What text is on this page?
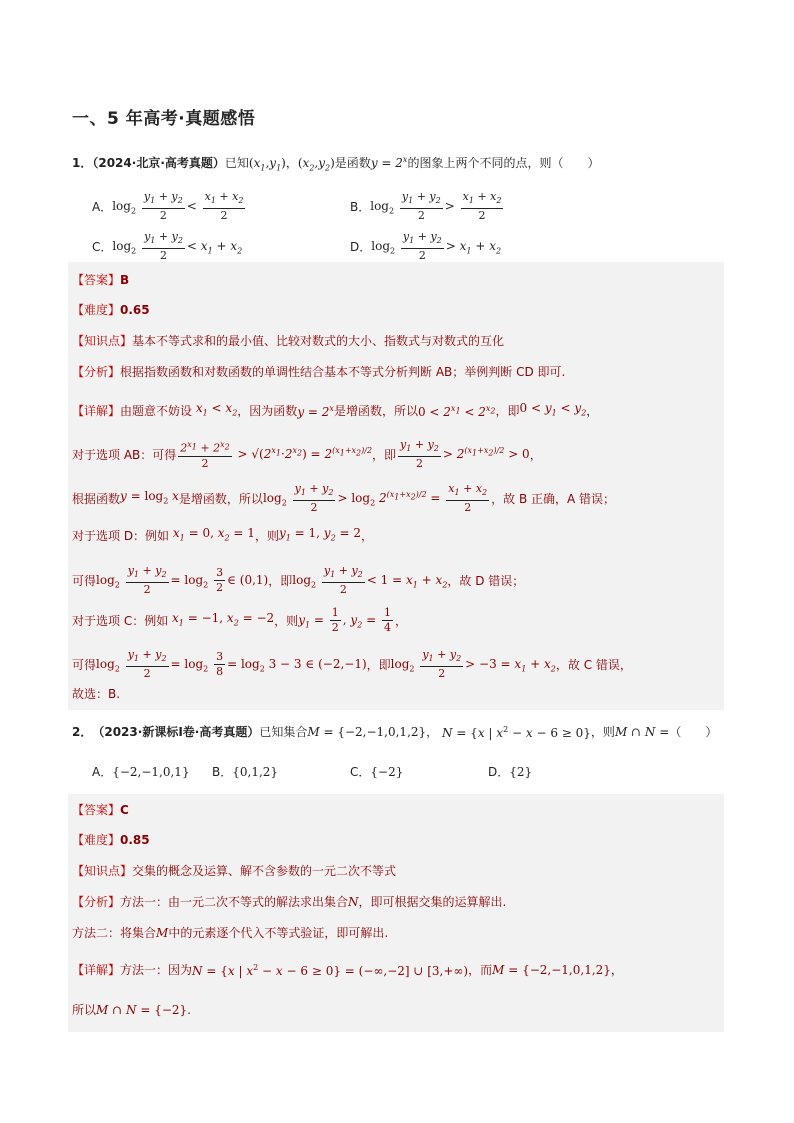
一、5 年高考·真题感悟
1．（2024·北京·高考真题）已知$(x_1,y_1)$，$(x_2,y_2)$是函数$y = 2^x$的图象上两个不同的点，则（　　）
A． $\log_2 \frac{y_1 + y_2}{2} < \frac{x_1 + x_2}{2}$	B． $\log_2 \frac{y_1 + y_2}{2} > \frac{x_1 + x_2}{2}$
C． $\log_2 \frac{y_1 + y_2}{2} < x_1 + x_2$	D． $\log_2 \frac{y_1 + y_2}{2} > x_1 + x_2$
【答案】 B
【难度】 0.65
【知识点】 基本不等式求和的最小值、比较对数式的大小、指数式与对数式的互化
【分析】 根据指数函数和对数函数的单调性结合基本不等式分析判断 AB；举例判断 CD 即可.
【详解】 由题意不妨设 $x_1 < x_2$ ，因为函数 $y = 2^x$ 是增函数，所以 $0 < 2^{x_1} < 2^{x_2}$ ，即 $0 < y_1 < y_2$ ，
对于选项 AB：可得 $\frac{2^{x_1} + 2^{x_2}}{2} > √(2^{x_1}\cdot 2^{x_2}) = 2^{(x_1+x_2)/2}$ ，即 $\frac{y_1 + y_2}{2} > 2^{(x_1+x_2)/2} > 0$ ，
根据函数 $y = \log_2 x$ 是增函数，所以 $\log_2 \frac{y_1 + y_2}{2} > \log_2 2^{(x_1+x_2)/2} = \frac{x_1 + x_2}{2}$ ，故 B 正确，A 错误；
对于选项 D：例如 $x_1 = 0$, $x_2 = 1$ ，则 $y_1 = 1$, $y_2 = 2$ ，
可得 $\log_2 \frac{y_1 + y_2}{2} = \log_2 \frac{3}{2}$ ∈ (0,1) ，即 $\log_2 \frac{y_1 + y_2}{2} < 1 = x_1 + x_2$ ，故 D 错误；
对于选项 C：例如 $x_1 = -1$, $x_2 = -2$ ，则 $y_1 = \frac{1}{2}$ , $y_2 = \frac{1}{4}$ ，
可得 $\log_2 \frac{y_1 + y_2}{2} = \log_2 \frac{3}{8} = \log_2 3 - 3$ ∈ (−2,−1) ，即 $\log_2 \frac{y_1 + y_2}{2} > -3 = x_1 + x_2$ ，故 C 错误，
故选：B.
2． （2023·新课标Ⅰ卷·高考真题） 已知集合 M = {−2,−1,0,1,2} ， N = {x | $x^2 - x - 6 \ge 0$} ，则 M ∩ N = （　　）
A． {−2,−1,0,1} B． {0,1,2}	C． {−2}	D． {2}
【答案】 C
【难度】 0.85
【知识点】 交集的概念及运算、解不含参数的一元二次不等式
【分析】 方法一：由一元二次不等式的解法求出集合 N ，即可根据交集的运算解出.
方法二：将集合 M 中的元素逐个代入不等式验证，即可解出.
【详解】 方法一：因为 N = {x | $x^2 - x - 6 \ge 0\} = (-\infty,-2]$ ∪ [3,+∞) ，而 M = {−2,−1,0,1,2} ，
所以 M ∩ N = {−2} .
